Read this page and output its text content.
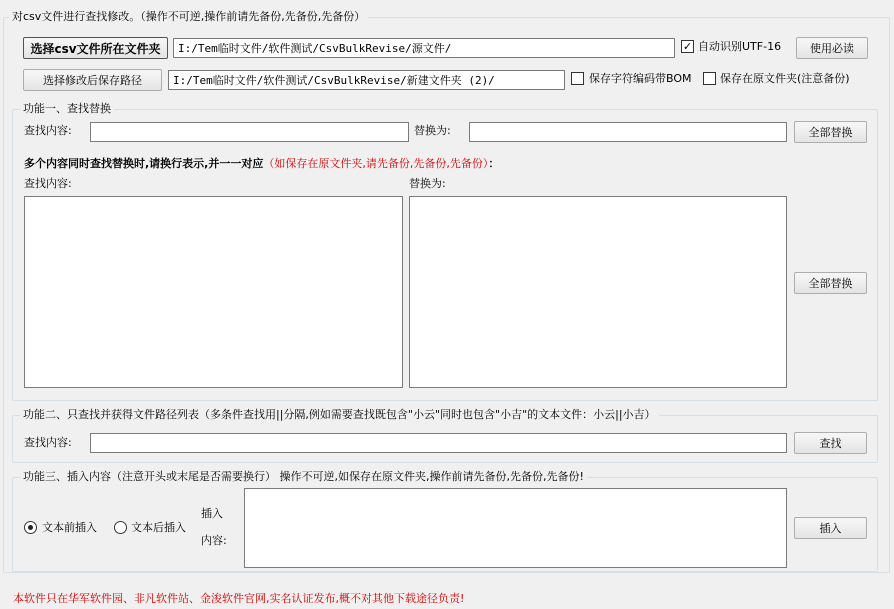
对csv文件进行查找修改。（操作不可逆,操作前请先备份,先备份,先备份）
选择csv文件所在文件夹	I:/Tem临时文件/软件测试/CsvBulkRevise/源文件/	✓ 自动识别UTF-16	使用必读
选择修改后保存路径	I:/Tem临时文件/软件测试/CsvBulkRevise/新建文件夹 (2)/	保存字符编码带BOM	保存在原文件夹(注意备份)
功能一、查找替换
查找内容:	替换为:	全部替换
多个内容同时查找替换时,请换行表示,并一一对应（如保存在原文件夹,请先备份,先备份,先备份）：
查找内容:	替换为:
全部替换
功能二、只查找并获得文件路径列表（多条件查找用||分隔,例如需要查找既包含"小云"同时也包含"小吉"的文本文件：小云||小吉）
查找内容:	查找
功能三、插入内容（注意开头或末尾是否需要换行） 操作不可逆,如保存在原文件夹,操作前请先备份,先备份,先备份!
文本前插入	文本后插入
插入
内容:
插入
本软件只在华军软件园、非凡软件站、金浚软件官网,实名认证发布,概不对其他下载途径负责!
